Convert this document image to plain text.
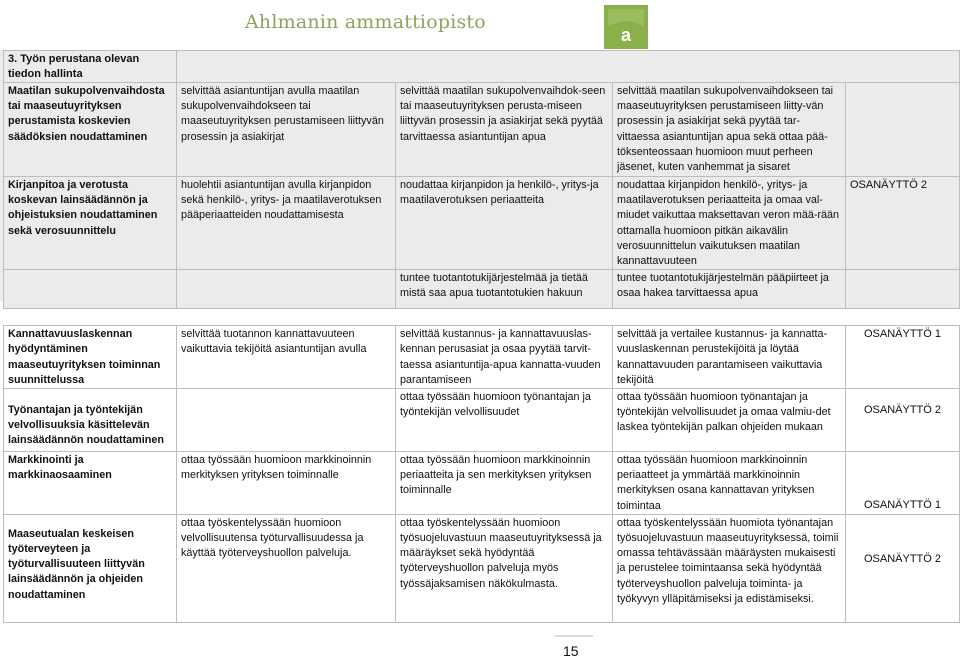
Ahlmanin ammattiopisto
a
3. Työn perustana olevan tiedon hallinta				

Maatilan sukupolvenvaihdosta tai maaseutuyrityksen perustamista koskevien säädöksien noudattaminen	selvittää asiantuntijan avulla maatilan sukupolvenvaihdokseen tai maaseutuyrityksen perustamiseen liittyvän prosessin ja asiakirjat	selvittää maatilan sukupolvenvaihdok-seen tai maaseutuyrityksen perusta-miseen liittyvän prosessin ja asiakirjat sekä pyytää tarvittaessa asiantuntijan apua	selvittää maatilan sukupolvenvaihdokseen tai maaseutuyrityksen perustamiseen liitty-vän prosessin ja asiakirjat sekä pyytää tar-vittaessa asiantuntijan apua sekä ottaa pää-töksenteossaan huomioon muut perheen jäsenet, kuten vanhemmat ja sisaret	

Kirjanpitoa ja verotusta koskevan lainsäädännön ja ohjeistuksien noudattaminen sekä verosuunnittelu	huolehtii asiantuntijan avulla kirjanpidon sekä henkilö-, yritys- ja maatilaverotuksen pääperiaatteiden noudattamisesta	noudattaa kirjanpidon ja henkilö-, yritys-ja maatilaverotuksen periaatteita	noudattaa kirjanpidon henkilö-, yritys- ja maatilaverotuksen periaatteita ja omaa val-miudet vaikuttaa maksettavan veron mää-rään ottamalla huomioon pitkän aikavälin verosuunnittelun vaikutuksen maatilan kannattavuuteen	OSANÄYTTÖ 2

		tuntee tuotantotukijärjestelmää ja tietää mistä saa apua tuotantotukien hakuun	tuntee tuotantotukijärjestelmän pääpiirteet ja osaa hakea tarvittaessa apua	

Kannattavuuslaskennan hyödyntäminen maaseutuyrityksen toiminnan suunnittelussa	selvittää tuotannon kannattavuuteen vaikuttavia tekijöitä asiantuntijan avulla	selvittää kustannus- ja kannattavuuslas-kennan perusasiat ja osaa pyytää tarvit-taessa asiantuntija-apua kannatta-vuuden parantamiseen	selvittää ja vertailee kustannus- ja kannatta-vuuslaskennan perustekijöitä ja löytää kannattavuuden parantamiseen vaikuttavia tekijöitä	OSANÄYTTÖ 1

Työnantajan ja työntekijän velvollisuuksia käsittelevän lainsäädännön noudattaminen		ottaa työssään huomioon työnantajan ja työntekijän velvollisuudet	ottaa työssään huomioon työnantajan ja työntekijän velvollisuudet ja omaa valmiu-det laskea työntekijän palkan ohjeiden mukaan	OSANÄYTTÖ 2

Markkinointi ja markkinaosaaminen	ottaa työssään huomioon markkinoinnin merkityksen yrityksen toiminnalle	ottaa työssään huomioon markkinoinnin periaatteita ja sen merkityksen yrityksen toiminnalle	ottaa työssään huomioon markkinoinnin periaatteet ja ymmärtää markkinoinnin merkityksen osana kannattavan yrityksen toimintaa	OSANÄYTTÖ 1

Maaseutualan keskeisen työterveyteen ja työturvallisuuteen liittyvän lainsäädännön ja ohjeiden noudattaminen	ottaa työskentelyssään huomioon velvollisuutensa työturvallisuudessa ja käyttää työterveyshuollon palveluja.	ottaa työskentelyssään huomioon työsuojeluvastuun maaseutuyrityksessä ja määräykset sekä hyödyntää työterveyshuollon palveluja myös työssäjaksamisen näkökulmasta.	ottaa työskentelyssään huomiota työnantajan työsuojeluvastuun maaseutuyrityksessä, toimii omassa tehtävässään määräysten mukaisesti ja perustelee toimintaansa sekä hyödyntää työterveyshuollon palveluja toiminta- ja työkyvyn ylläpitämiseksi ja edistämiseksi.	OSANÄYTTÖ 2
15
